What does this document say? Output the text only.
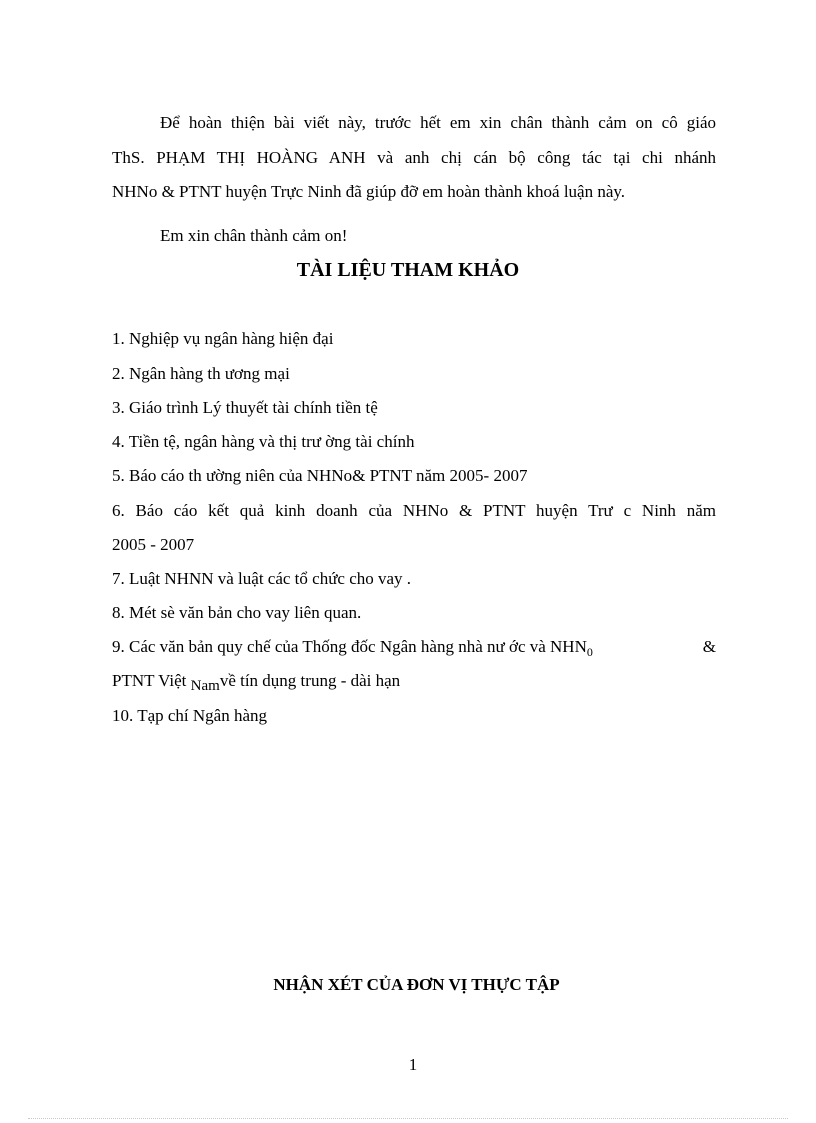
Để hoàn thiện bài viết này, trước hết em xin chân thành cảm on cô giáo
ThS. PHẠM THỊ HOÀNG ANH và anh chị cán bộ công tác tại chi nhánh
NHNo & PTNT huyện Trực Ninh đã giúp đỡ em hoàn thành khoá luận này.
Em xin chân thành cảm on!
TÀI LIỆU THAM KHẢO
1. Nghiệp vụ ngân hàng hiện đại
2. Ngân hàng th ương mại
3. Giáo trình Lý thuyết tài chính tiền tệ
4. Tiền tệ, ngân hàng và thị trư ờng tài chính
5. Báo cáo th ường niên của NHNo& PTNT năm 2005- 2007
6. Báo cáo kết quả kinh doanh của NHNo & PTNT huyện Trư c Ninh năm
2005 - 2007
7. Luật NHNN và luật các tổ chức cho vay .
8. Mét sè văn bản cho vay liên quan.
9. Các văn bản quy chế của Thống đốc Ngân hàng nhà nư ớc và $NHN_0$	&
PTNT Việt Namvề tín dụng trung - dài hạn
10. Tạp chí Ngân hàng
NHẬN XÉT CỦA ĐƠN VỊ THỰC TẬP
1
